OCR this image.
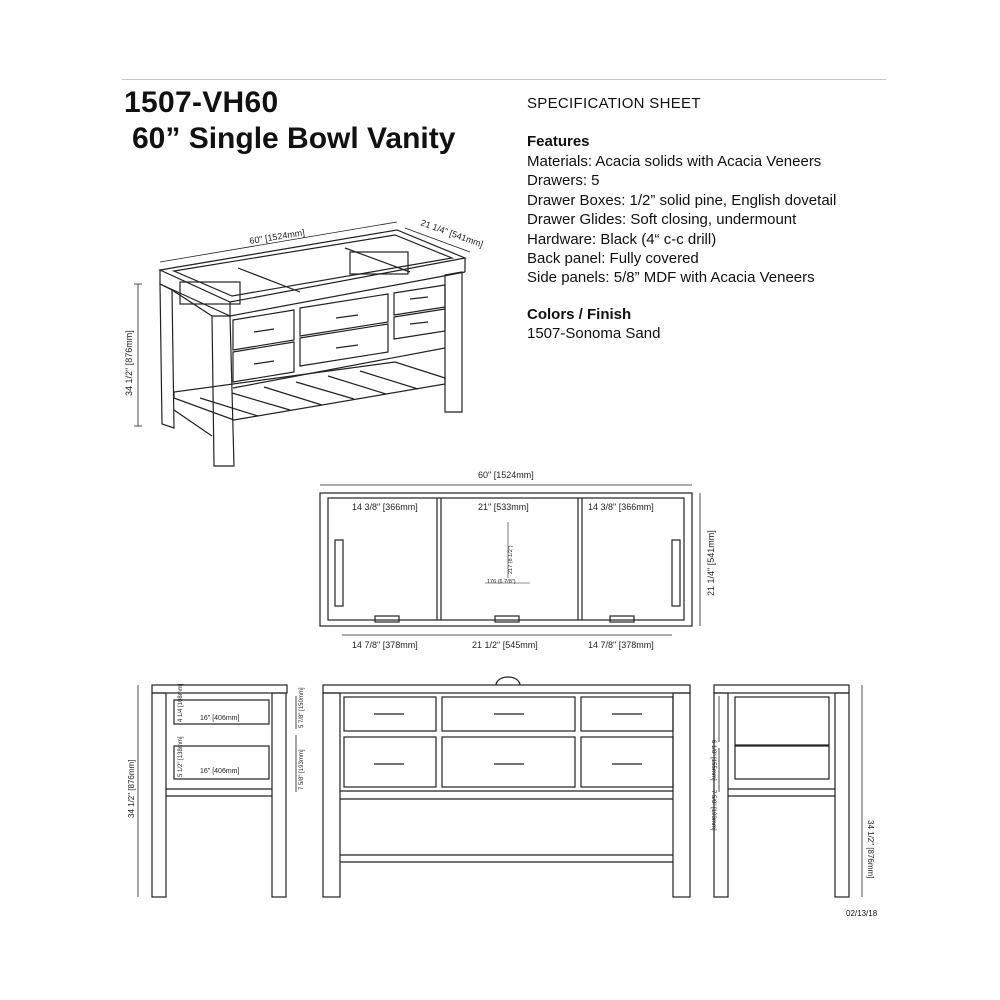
1507-VH60
60” Single Bowl Vanity
SPECIFICATION SHEET
Features
Materials: Acacia solids with Acacia Veneers
Drawers: 5
Drawer Boxes: 1/2” solid pine, English dovetail
Drawer Glides: Soft closing, undermount
Hardware: Black (4“ c-c drill)
Back panel: Fully covered
Side panels: 5/8” MDF with Acacia Veneers
Colors / Finish
1507-Sonoma Sand
60" [1524mm]	21 1/4" [541mm]
34 1/2" [876mm]
60" [1524mm]
21 1/4" [541mm]
14 3/8" [366mm]	21" [533mm]	14 3/8" [366mm]
14 7/8" [378mm]	21 1/2" [545mm]	14 7/8" [378mm]
217 (8 1/2")
176 (6 7/8")
34 1/2" [876mm]
4 1/4 [108mm] 16" [406mm]
5 1/2" [138mm] 16" [406mm]
5 7/8" [150mm]
7 5/8" [193mm]
34 1/2" [876mm]
6 1/8" [155mm]
7 5/8" [193mm]
02/13/18
